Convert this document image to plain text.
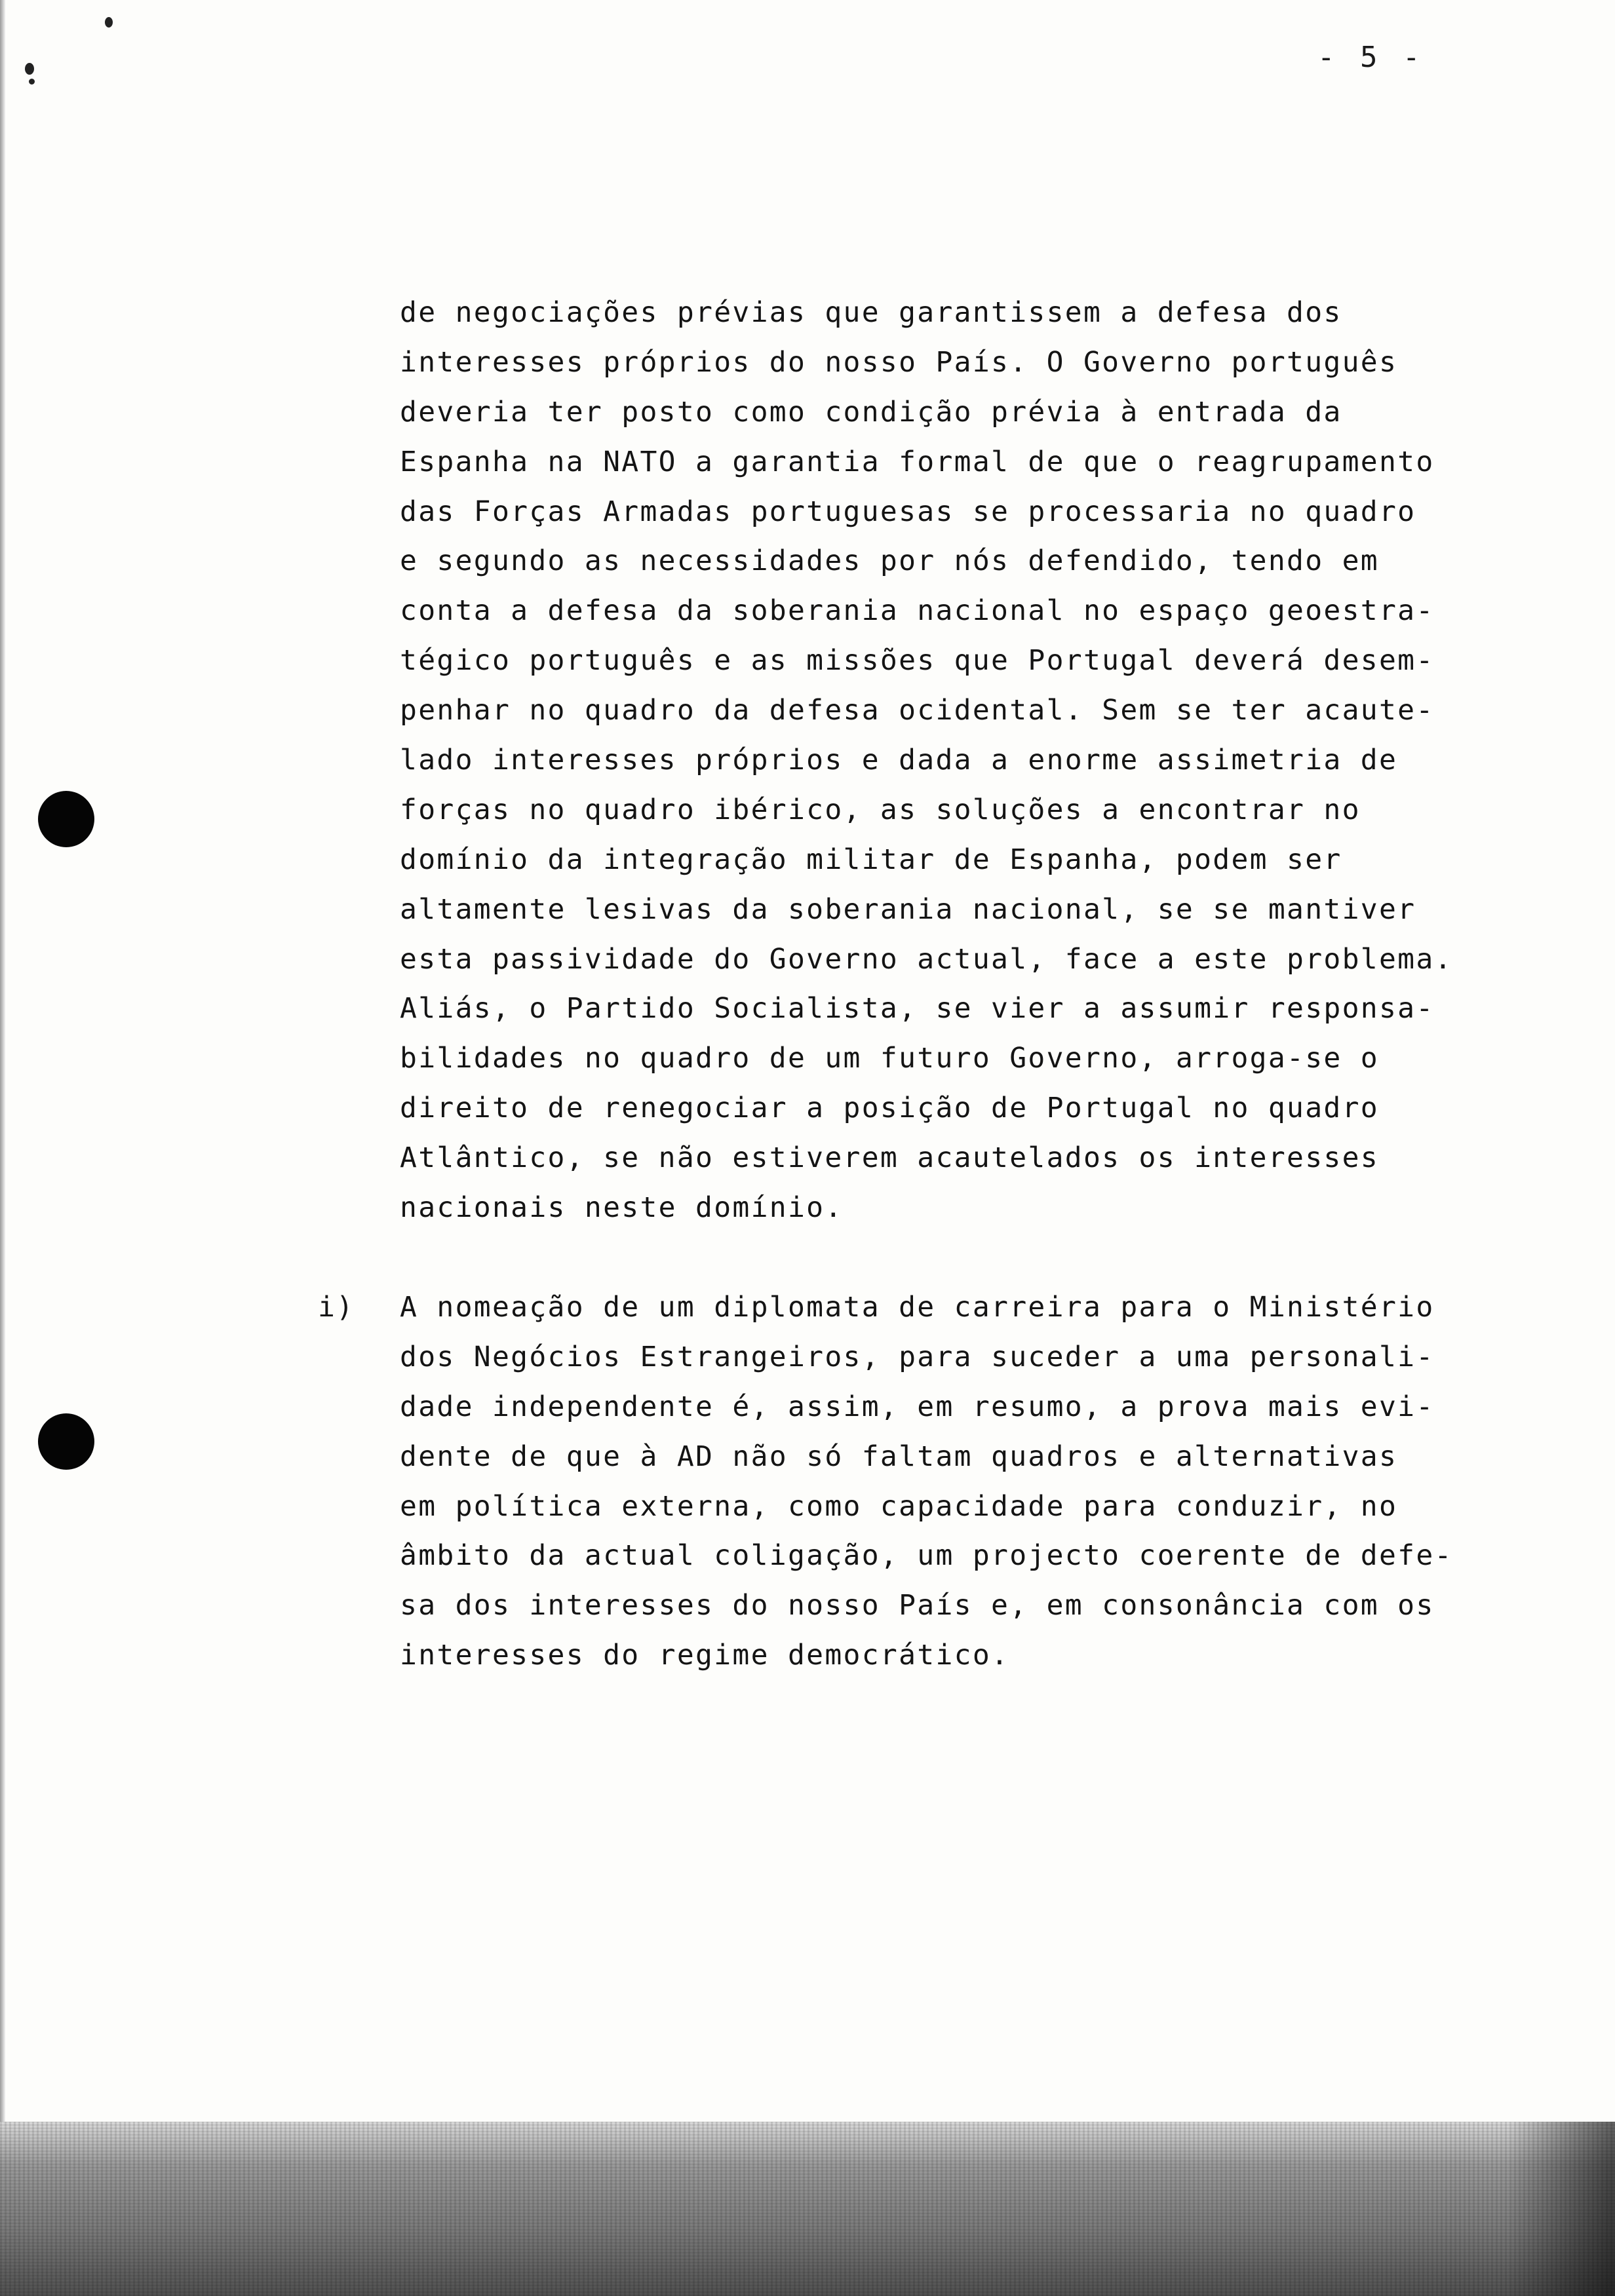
- 5 -
de negociações prévias que garantissem a defesa dos
interesses próprios do nosso País. O Governo português
deveria ter posto como condição prévia à entrada da
Espanha na NATO a garantia formal de que o reagrupamento
das Forças Armadas portuguesas se processaria no quadro
e segundo as necessidades por nós defendido, tendo em
conta a defesa da soberania nacional no espaço geoestra-
tégico português e as missões que Portugal deverá desem-
penhar no quadro da defesa ocidental. Sem se ter acaute-
lado interesses próprios e dada a enorme assimetria de
forças no quadro ibérico, as soluções a encontrar no
domínio da integração militar de Espanha, podem ser
altamente lesivas da soberania nacional, se se mantiver
esta passividade do Governo actual, face a este problema.
Aliás, o Partido Socialista, se vier a assumir responsa-
bilidades no quadro de um futuro Governo, arroga-se o
direito de renegociar a posição de Portugal no quadro
Atlântico, se não estiverem acautelados os interesses
nacionais neste domínio.
i) A nomeação de um diplomata de carreira para o Ministério
dos Negócios Estrangeiros, para suceder a uma personali-
dade independente é, assim, em resumo, a prova mais evi-
dente de que à AD não só faltam quadros e alternativas
em política externa, como capacidade para conduzir, no
âmbito da actual coligação, um projecto coerente de defe-
sa dos interesses do nosso País e, em consonância com os
interesses do regime democrático.
